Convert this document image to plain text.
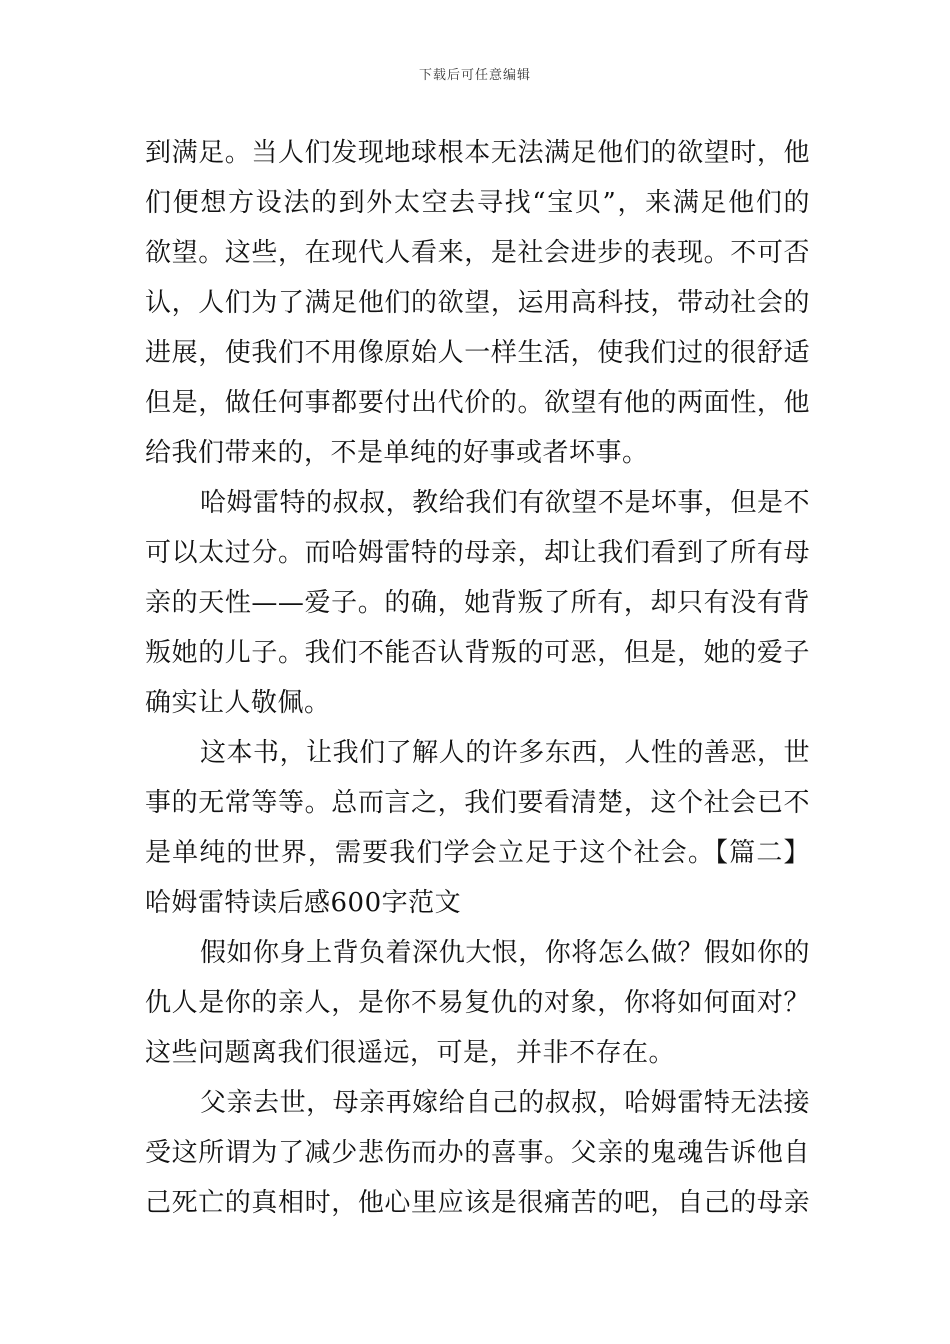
下载后可任意编辑
到满足。当人们发现地球根本无法满足他们的欲望时，他
们便想方设法的到外太空去寻找“宝贝”，来满足他们的
欲望。这些，在现代人看来，是社会进步的表现。不可否
认，人们为了满足他们的欲望，运用高科技，带动社会的
进展，使我们不用像原始人一样生活，使我们过的很舒适
但是，做任何事都要付出代价的。欲望有他的两面性，他
给我们带来的，不是单纯的好事或者坏事。
哈姆雷特的叔叔，教给我们有欲望不是坏事，但是不
可以太过分。而哈姆雷特的母亲，却让我们看到了所有母
亲的天性——爱子。的确，她背叛了所有，却只有没有背
叛她的儿子。我们不能否认背叛的可恶，但是，她的爱子
确实让人敬佩。
这本书，让我们了解人的许多东西，人性的善恶，世
事的无常等等。总而言之，我们要看清楚，这个社会已不
是单纯的世界，需要我们学会立足于这个社会。【篇二】
哈姆雷特读后感600字范文
假如你身上背负着深仇大恨，你将怎么做？假如你的
仇人是你的亲人，是你不易复仇的对象，你将如何面对？
这些问题离我们很遥远，可是，并非不存在。
父亲去世，母亲再嫁给自己的叔叔，哈姆雷特无法接
受这所谓为了减少悲伤而办的喜事。父亲的鬼魂告诉他自
己死亡的真相时，他心里应该是很痛苦的吧，自己的母亲
